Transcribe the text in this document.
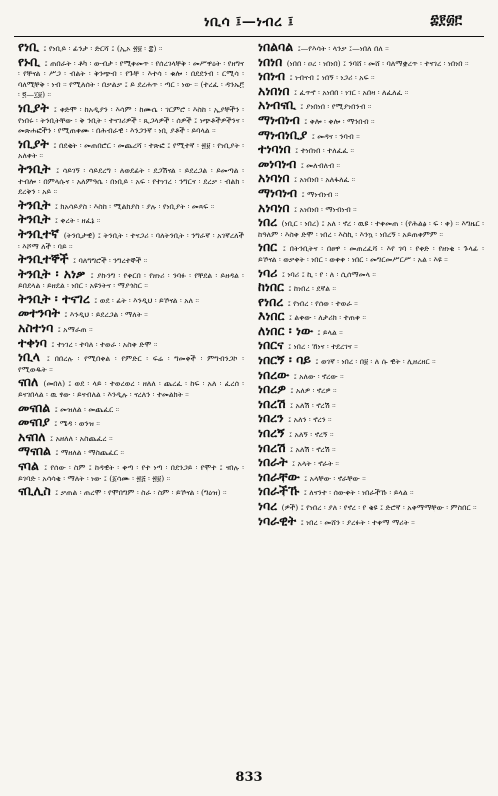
ነቢሳ ፤—ነብረ ፤	፰፻፴፫

የነቢ ፤ የነቢይ ፡ ፊንታ ፡ ድርሻ ፤ (ኢኦ ፳፱ ፡ ፰) ።

የኑቢ ፤ ጠበራት ፡ ቶካ ፡ ውብታ ፡ የሚቀመጥ ፡ የሰረገላቸቅ ፡ መሥዋዕት ፡ የዘግና ፡ የቸናል ፡ ሥጋ ፡ ብልት ፡ ቅንጭብ ፡ የጉቸ ፡ እተሳ ፡ ቁሎ ፡ በደደንብ ፡ ርሚሳ ፡ ባለሚቸቅ ፡ ነብ ። የሚለሰት ፡ በቃልቃ ፤ ይ ደረሐጥ ፡ ጣር ፡ ነው ። (ተረፈ ፡ ዳንኤ፫ ፡ ፬—፲፱) ።

ነቢያት ፤ ቀድሞ ፡ ከአዲያን ፡ እሳም ፡ ከሙሴ ፡ ገርምሮ ፡ እስከ ፡ ኢያቸችን ፡ የነበሩ ፡ ትንቢትቸው ፡ ቅ ንቢት ፡ ተናገሪዎች ፡ ጺጋላዎች ፡ ሰዎች ፤ ነጭቶችዎችንና ፡ መጽሐፎችን ፡ የሚጠቀሙ ፡ በሕብራዊ ፡ እንጋንኛ ፡ ነቢ ያቶች ፡ ይባላል ።

ነቢያት ፤ በደቂት ፡ መጠበሮር ፡ መጨረሻ ፡ ተጽፎ ፤ የሚተኛ ፡ ፳፱ ፡ የነቢያት ፡ አለቀት ።

ትንቢት ፤ ሳይገኝ ፡ ሳይደረግ ፡ ለወደፊት ፡ ደጋሽናል ፡ ይደረጋል ፡ ይመጣል ፡ ተብሎ ፡ በምላሱና ፡ አለምዓሴ ፡ በነቢይ ፡ አፍ ፡ የተነገረ ፡ ንግርና ፡ ደረቃ ፡ ብልክ ፡ ደረቅን ፡ አይ ።

ትንቢት ፤ ክአሳይያስ ፡ እስከ ፡ ሚልክያስ ፡ ያሉ ፡ የነቢያት ፡ መጻፍ ።

ትንቢት ፤ ቀረት ፡ ዘፈኔ ።

ትንቢተኛ (ትንቢታዊ) ፤ ትንቢት ፡ ተናጋሪ ፡ ባለትንቢት ፡ ንግራኛ ፡ አገኛረለች ፡ እሾማ ለች ፡ ባይ ።

ትንቢተኞች ፤ ባለግግሮች ፡ ንግረተኞች ።

ትንቢት ፡ አነቃ ፤ ያኩንግ ፡ የቀርበ ፡ የዘነሪ ፡ ንባፉ ፡ የቸደል ፡ ይዘዳል ፡ ይበደላል ፡ ይዘደል ፡ ነበር ፡ አዩንትና ፡ ማያጎስር ።

ትንቢት ፡ ተናገረ ፤ ወደ ፡ ፊት ፡ እንዲህ ፡ ይኾናል ፡ አለ ።

መተንባት ፤ እንዲህ ፡ ይደረጋል ፡ ማለት ።

አስተነባ ፤ አማራጠ ።

ተቀነባ ፤ ተነገረ ፡ ተባለ ፡ ተወራ ፡ አስቀ ድሞ ።

ነቢላ ፤ በበረሉ ፡ የሚበቀል ፡ የምድር ፡ ፍሬ ፡ ግመቀች ፡ ምግብንጋኮ ፡ የሚወዱት ።

ናበለ (መበለ) ፤ ወደ ፡ ላይ ፡ ተወረወረ ፡ ዘለለ ፡ ጨረፈ ፡ ከፍ ፡ አለ ፡ ፈረሰ ፡ ይናገበላል ፡ ዉ ፃው ፡ ይናብለል ፡ እንዲሉ ፡ ናረለን ፡ ተመልክት ።

መናበል ፤ መዝለል ፡ መጨፈር ።

መናበያ ፤ ሜዳ ፡ ወንዝ ።

አናበለ ፤ አዘለለ ፡ አስጨፈረ ።

ማናበል ፤ ማዘለል ፡ ማስጨፈር ።

ናባል ፤ የሰው ፡ ስም ፤ ከዳዊት ፡ ቀጣ ፡ የተ ነጣ ፡ በደንጋይ ፡ የሞተ ፤ ናበሉ ፡ ይገባድ ፡ አሳሳቂ ፡ ማለት ፡ ነው ፤ (፩ሳሙ ፡ ፳፭ ፡ ፳፱) ።

ናቢሊስ ፤ ቃጠል ፡ ጠረሞ ፡ የሞበግም ፡ ስራ ፡ ስም ፡ ይኾናል ፡ (ግዕዝ) ።

ነበልባል ፤—የእሳት ፡ ላንቃ ፤—ነበለ በለ ።

ነበነበ (ነበበ ፡ ዐረ ፡ ነበነበ) ፤ ንባሸ ፡ መሸ ፡ ባለማቋረጥ ፡ ተናገረ ፡ ነበነበ ።

ነበነብ ፤ ነብናብ ፤ ነበኝ ፡ ነጋሪ ፡ አፍ ።

አነበነበ ፤ ፈጥኖ ፡ አነበበ ፡ ነገር ፡ አበዛ ፡ ለፈለፈ ።

አነብናቢ ፤ ያነበነበ ፡ የሚያነበንብ ።

ማነብነብ ፤ ቀሎ ፡ ቀሎ ፡ ማንበብ ።

ማነብነቢያ ፤ መዳና ፡ ንባብ ።

ተነባነበ ፤ ተነበነበ ፡ ተለፈፈ ።

መነባነብ ፤ መለብለብ ።

አነባነበ ፤ አነበነበ ፡ አለፋለፈ ።

ማነባነብ ፤ ማነብነብ ።

አነባነበ ፤ አነበነበ ፡ ማነብነብ ።

ነበረ (ነቢር ፡ ነበረ) ፤ አለ ፡ ኖረ ፡ ዉዩ ፡ ተቀመጠ ፡ (የሕልፅ ፡ ፍ ፡ ቀ) ። እግዜር ፡ ከዓለም ፡ እስቀ ድሞ ፡ ነበረ ፡ እስኪ ፡ እንኳ ፡ ነበረኝ ፡ አይጠቀምም ።

ነበር ፤ በትንቢትና ፡ በፀዋ ፡ መጠረፈሻ ፡ እየ ገባ ፡ የቀድ ፡ የዘነቂ ፡ ጉላፊ ፡ ይኾናል ፡ ወቃቀት ፡ ነበር ፡ ወቀቀ ፡ ነበር ፡ መግርመሥርሥ ፡ አል ፡ እዩ ።

ነባሪ ፤ ነባሪ ፤ ኪ ፡ የ ፡ ለ ፡ ሲሰማመላ ።

ከነበር ፤ ከነበረ ፡ ደኛል ።

የነበረ ፤ የነበረ ፡ የሰወ ፡ ተወራ ።

እነበር ፤ ልቀው ፡ ለታሪክ ፡ ተጠቀ ።

ለነበር ፡ ነው ፤ ይላል ።

ነበርና ፤ ነበረ ፡ ኸነና ፡ ተደረገና ።

ነበርኝ ፡ ባይ ፤ ወገኛ ፡ ነበረ ፡ በ፱ ፡ ለ ሱ ዊት ፡ ሊዘረዘር ።

ነበረው ፤ አለው ፡ ኖረው ።

ነበረዎ ፤ አለዎ ፡ ኖረዎ ።

ነበረሽ ፤ አለሽ ፡ ኖረሽ ።

ነበረን ፤ አለን ፡ ኖረን ።

ነበረኝ ፤ አለኝ ፡ ኖረኝ ።

ነበረሽ ፤ አለሽ ፡ ኖረሽ ።

ነበራት ፤ አላት ፡ ኖራት ።

ነበራቸው ፤ አላቸው ፡ ኖራቸው ።

ነበራችኹ ፤ ለናንተ ፡ ሰውቀት ፡ ነበራችኹ ፡ ይላል ።

ነባረ (ዎች) ፤ የነበረ ፡ ያለ ፡ የኖረ ፡ የ ቄዩ ፤ ድሮኛ ፡ አቀማማቸው ፡ ምስበር ።

ነባራዊት ፤ ነበረ ፡ መሸን ፡ ያረፉት ፡ ተቀማ ማሪት ።

833
